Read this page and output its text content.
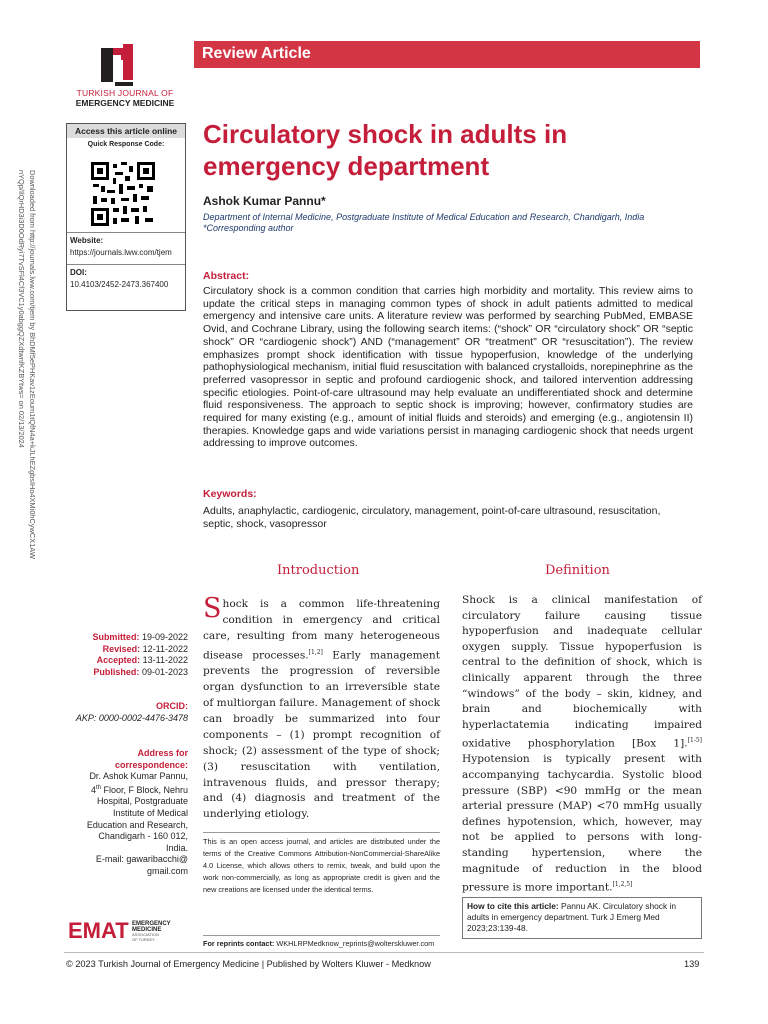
TURKISH JOURNAL OF
EMERGENCY MEDICINE
Review Article
Circulatory shock in adults in emergency department
Ashok Kumar Pannu*
Department of Internal Medicine, Postgraduate Institute of Medical Education and Research, Chandigarh, India
*Corresponding author
Access this article online
Quick Response Code:
Website:
https://journals.lww.com/tjem
DOI:
10.4103/2452-2473.367400
Downloaded from http://journals.lww.com/tjem by BhDMf5ePHKav1zEoum1tQfN4a+kJLhEZgbsIHo4XMi0hCywCX1AW
nYQp/IlQrHD3i3D0OdRyi7TvSFl4Cf3VC1y0abggQZXdtwnfKZBYtws= on 02/13/2024	Abstract:
Circulatory shock is a common condition that carries high morbidity and mortality. This review aims to update the critical steps in managing common types of shock in adult patients admitted to medical emergency and intensive care units. A literature review was performed by searching PubMed, EMBASE Ovid, and Cochrane Library, using the following search items: (“shock” OR “circulatory shock” OR “septic shock” OR “cardiogenic shock”) AND (“management” OR “treatment” OR “resuscitation”). The review emphasizes prompt shock identification with tissue hypoperfusion, knowledge of the underlying pathophysiological mechanism, initial fluid resuscitation with balanced crystalloids, norepinephrine as the preferred vasopressor in septic and profound cardiogenic shock, and tailored intervention addressing specific etiologies. Point-of-care ultrasound may help evaluate an undifferentiated shock and determine fluid responsiveness. The approach to septic shock is improving; however, confirmatory studies are required for many existing (e.g., amount of initial fluids and steroids) and emerging (e.g., angiotensin II) therapies. Knowledge gaps and wide variations persist in managing cardiogenic shock that needs urgent addressing to improve outcomes.
Keywords:
Adults, anaphylactic, cardiogenic, circulatory, management, point-of-care ultrasound, resuscitation, septic, shock, vasopressor
Introduction	Definition
Shock is a common life-threatening condition in emergency and critical care, resulting from many heterogeneous disease processes.[1,2] Early management prevents the progression of reversible organ dysfunction to an irreversible state of multiorgan failure. Management of shock can broadly be summarized into four components – (1) prompt recognition of shock; (2) assessment of the type of shock; (3) resuscitation with ventilation, intravenous fluids, and pressor therapy; and (4) diagnosis and treatment of the underlying etiology.
Shock is a clinical manifestation of circulatory failure causing tissue hypoperfusion and inadequate cellular oxygen supply. Tissue hypoperfusion is central to the definition of shock, which is clinically apparent through the three “windows” of the body – skin, kidney, and brain and biochemically with hyperlactatemia indicating impaired oxidative phosphorylation [Box 1].[1-5] Hypotension is typically present with accompanying tachycardia. Systolic blood pressure (SBP) <90 mmHg or the mean arterial pressure (MAP) <70 mmHg usually defines hypotension, which, however, may not be applied to persons with long-standing hypertension, where the magnitude of reduction in the blood pressure is more important.[1,2,5]
This is an open access journal, and articles are distributed under the terms of the Creative Commons Attribution-NonCommercial-ShareAlike 4.0 License, which allows others to remix, tweak, and build upon the work non-commercially, as long as appropriate credit is given and the new creations are licensed under the identical terms.
For reprints contact: WKHLRPMedknow_reprints@wolterskluwer.com
How to cite this article: Pannu AK. Circulatory shock in adults in emergency department. Turk J Emerg Med 2023;23:139-48.
Submitted: 19-09-2022
Revised: 12-11-2022
Accepted: 13-11-2022
Published: 09-01-2023
ORCID:
AKP: 0000-0002-4476-3478
Address for
correspondence:
Dr. Ashok Kumar Pannu,
4th Floor, F Block, Nehru
Hospital, Postgraduate
Institute of Medical
Education and Research,
Chandigarh - 160 012,
India.
E-mail: gawaribacchi@
gmail.com
EMAT EMERGENCY
MEDICINE
ASSOCIATION
OF TURKEY
© 2023 Turkish Journal of Emergency Medicine | Published by Wolters Kluwer - Medknow	139
